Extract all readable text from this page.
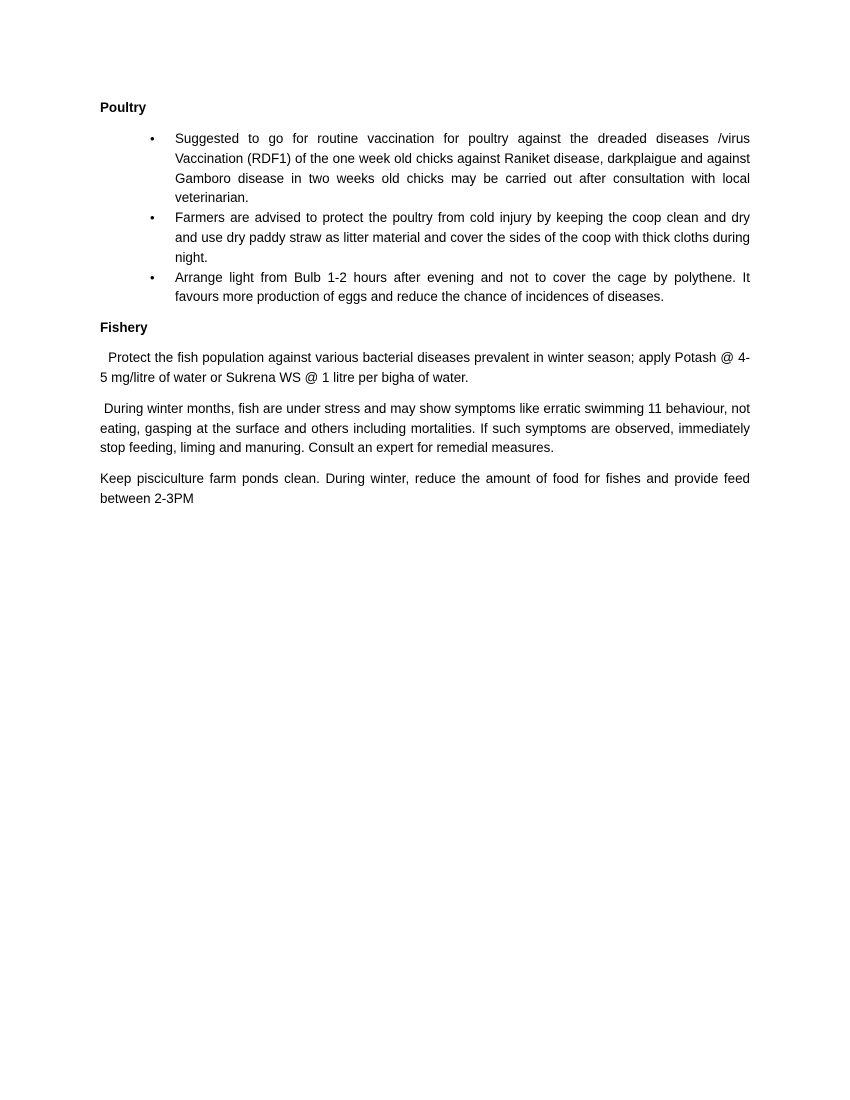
Poultry

• Suggested to go for routine vaccination for poultry against the dreaded diseases /virus Vaccination (RDF1) of the one week old chicks against Raniket disease, darkplaigue and against Gamboro disease in two weeks old chicks may be carried out after consultation with local veterinarian.
• Farmers are advised to protect the poultry from cold injury by keeping the coop clean and dry and use dry paddy straw as litter material and cover the sides of the coop with thick cloths during night.
• Arrange light from Bulb 1-2 hours after evening and not to cover the cage by polythene. It favours more production of eggs and reduce the chance of incidences of diseases.

Fishery

Protect the fish population against various bacterial diseases prevalent in winter season; apply Potash @ 4-5 mg/litre of water or Sukrena WS @ 1 litre per bigha of water.

During winter months, fish are under stress and may show symptoms like erratic swimming 11 behaviour, not eating, gasping at the surface and others including mortalities. If such symptoms are observed, immediately stop feeding, liming and manuring. Consult an expert for remedial measures.

Keep pisciculture farm ponds clean. During winter, reduce the amount of food for fishes and provide feed between 2-3PM
